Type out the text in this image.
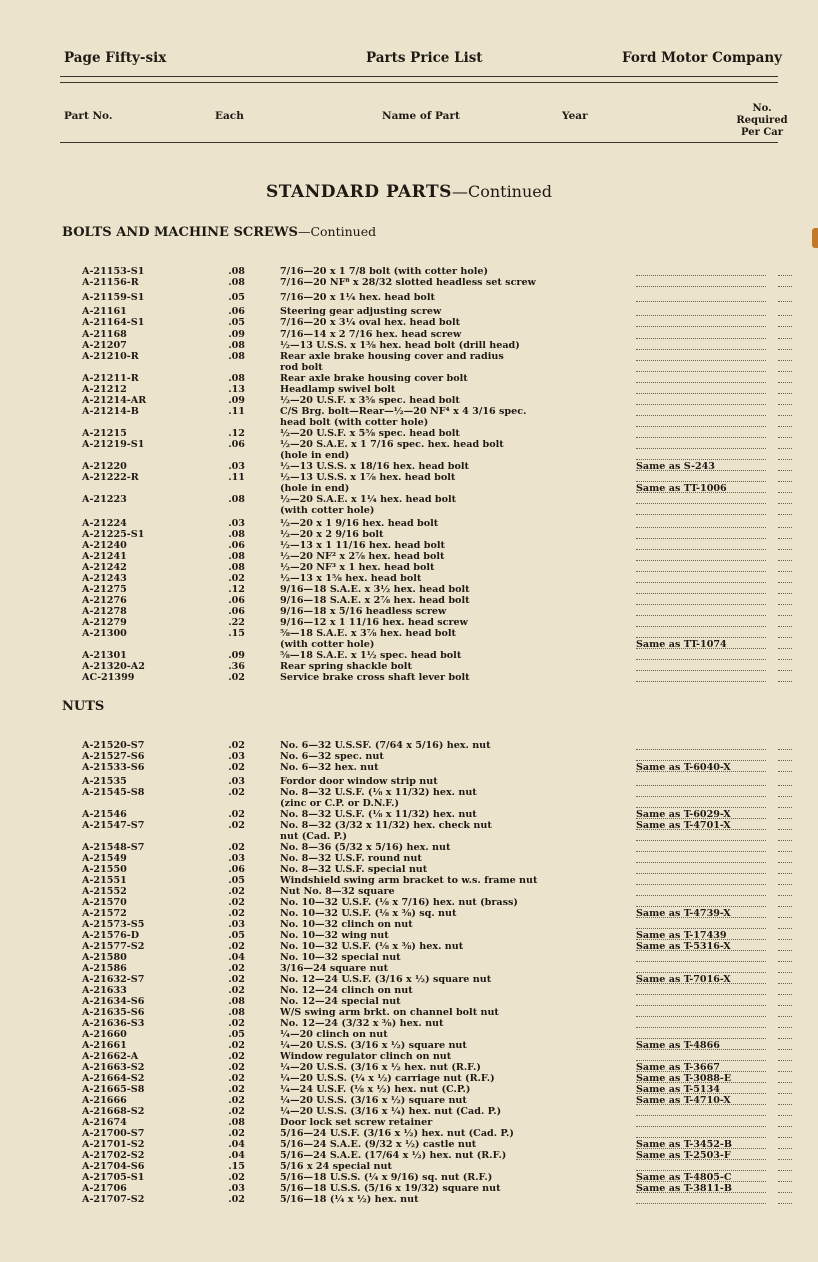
Page Fifty-six	Parts Price List	Ford Motor Company
Part No.	Each	Name of Part	Year
No.
Required
Per Car
STANDARD PARTS—Continued
BOLTS AND MACHINE SCREWS—Continued
A-21153-S1	.08	7/16—20 x 1 7/8 bolt (with cotter hole)
A-21156-R	.08	7/16—20 NF⁸ x 28/32 slotted headless set screw
A-21159-S1	.05	7/16—20 x 1¼ hex. head bolt
A-21161	.06	Steering gear adjusting screw
A-21164-S1	.05	7/16—20 x 3¼ oval hex. head bolt
A-21168	.09	7/16—14 x 2 7/16 hex. head screw
A-21207	.08	½—13 U.S.S. x 1⅜ hex. head bolt (drill head)
A-21210-R	.08	Rear axle brake housing cover and radius
rod bolt
A-21211-R	.08	Rear axle brake housing cover bolt
A-21212	.13	Headlamp swivel bolt
A-21214-AR	.09	½—20 U.S.F. x 3⅝ spec. head bolt
A-21214-B	.11	C/S Brg. bolt—Rear—½—20 NF⁴ x 4 3/16 spec.
head bolt (with cotter hole)
A-21215	.12	½—20 U.S.F. x 5⅝ spec. head bolt
A-21219-S1	.06	½—20 S.A.E. x 1 7/16 spec. hex. head bolt
(hole in end)
A-21220	.03	½—13 U.S.S. x 18/16 hex. head bolt	Same as S-243
A-21222-R	.11	½—13 U.S.S. x 1⅞ hex. head bolt
(hole in end)	Same as TT-1006
A-21223	.08	½—20 S.A.E. x 1¼ hex. head bolt
(with cotter hole)
A-21224	.03	½—20 x 1 9/16 hex. head bolt
A-21225-S1	.08	½—20 x 2 9/16 bolt
A-21240	.06	½—13 x 1 11/16 hex. head bolt
A-21241	.08	½—20 NF² x 2⅞ hex. head bolt
A-21242	.08	½—20 NF³ x 1 hex. head bolt
A-21243	.02	½—13 x 1⅝ hex. head bolt
A-21275	.12	9/16—18 S.A.E. x 3½ hex. head bolt
A-21276	.06	9/16—18 S.A.E. x 2⅞ hex. head bolt
A-21278	.06	9/16—18 x 5/16 headless screw
A-21279	.22	9/16—12 x 1 11/16 hex. head screw
A-21300	.15	⅝—18 S.A.E. x 3⅞ hex. head bolt
(with cotter hole)	Same as TT-1074
A-21301	.09	⅝—18 S.A.E. x 1½ spec. head bolt
A-21320-A2	.36	Rear spring shackle bolt
AC-21399	.02	Service brake cross shaft lever bolt
NUTS
A-21520-S7	.02	No. 6—32 U.S.SF. (7/64 x 5/16) hex. nut
A-21527-S6	.03	No. 6—32 spec. nut
A-21533-S6	.02	No. 6—32 hex. nut	Same as T-6040-X
A-21535	.03	Fordor door window strip nut
A-21545-S8	.02	No. 8—32 U.S.F. (⅛ x 11/32) hex. nut
(zinc or C.P. or D.N.F.)
A-21546	.02	No. 8—32 U.S.F. (⅛ x 11/32) hex. nut	Same as T-6029-X
A-21547-S7	.02	No. 8—32 (3/32 x 11/32) hex. check nut	Same as T-4701-X
nut (Cad. P.)
A-21548-S7	.02	No. 8—36 (5/32 x 5/16) hex. nut
A-21549	.03	No. 8—32 U.S.F. round nut
A-21550	.06	No. 8—32 U.S.F. special nut
A-21551	.05	Windshield swing arm bracket to w.s. frame nut
A-21552	.02	Nut No. 8—32 square
A-21570	.02	No. 10—32 U.S.F. (⅛ x 7/16) hex. nut (brass)
A-21572	.02	No. 10—32 U.S.F. (⅛ x ⅜) sq. nut	Same as T-4739-X
A-21573-S5	.03	No. 10—32 clinch on nut
A-21576-D	.05	No. 10—32 wing nut	Same as T-17439
A-21577-S2	.02	No. 10—32 U.S.F. (⅛ x ⅜) hex. nut	Same as T-5316-X
A-21580	.04	No. 10—32 special nut
A-21586	.02	3/16—24 square nut
A-21632-S7	.02	No. 12—24 U.S.F. (3/16 x ½) square nut	Same as T-7016-X
A-21633	.02	No. 12—24 clinch on nut
A-21634-S6	.08	No. 12—24 special nut
A-21635-S6	.08	W/S swing arm brkt. on channel bolt nut
A-21636-S3	.02	No. 12—24 (3/32 x ⅜) hex. nut
A-21660	.05	¼—20 clinch on nut
A-21661	.02	¼—20 U.S.S. (3/16 x ½) square nut	Same as T-4866
A-21662-A	.02	Window regulator clinch on nut
A-21663-S2	.02	¼—20 U.S.S. (3/16 x ½ hex. nut (R.F.)	Same as T-3667
A-21664-S2	.02	¼—20 U.S.S. (¼ x ½) carriage nut (R.F.)	Same as T-3088-E
A-21665-S8	.02	¼—24 U.S.F. (⅛ x ½) hex. nut (C.P.)	Same as T-5134
A-21666	.02	¼—20 U.S.S. (3/16 x ½) square nut	Same as T-4710-X
A-21668-S2	.02	¼—20 U.S.S. (3/16 x ¼) hex. nut (Cad. P.)
A-21674	.08	Door lock set screw retainer
A-21700-S7	.02	5/16—24 U.S.F. (3/16 x ½) hex. nut (Cad. P.)
A-21701-S2	.04	5/16—24 S.A.E. (9/32 x ½) castle nut	Same as T-3452-B
A-21702-S2	.04	5/16—24 S.A.E. (17/64 x ½) hex. nut (R.F.)	Same as T-2503-F
A-21704-S6	.15	5/16 x 24 special nut
A-21705-S1	.02	5/16—18 U.S.S. (¼ x 9/16) sq. nut (R.F.)	Same as T-4805-C
A-21706	.03	5/16—18 U.S.S. (5/16 x 19/32) square nut	Same as T-3811-B
A-21707-S2	.02	5/16—18 (¼ x ½) hex. nut
